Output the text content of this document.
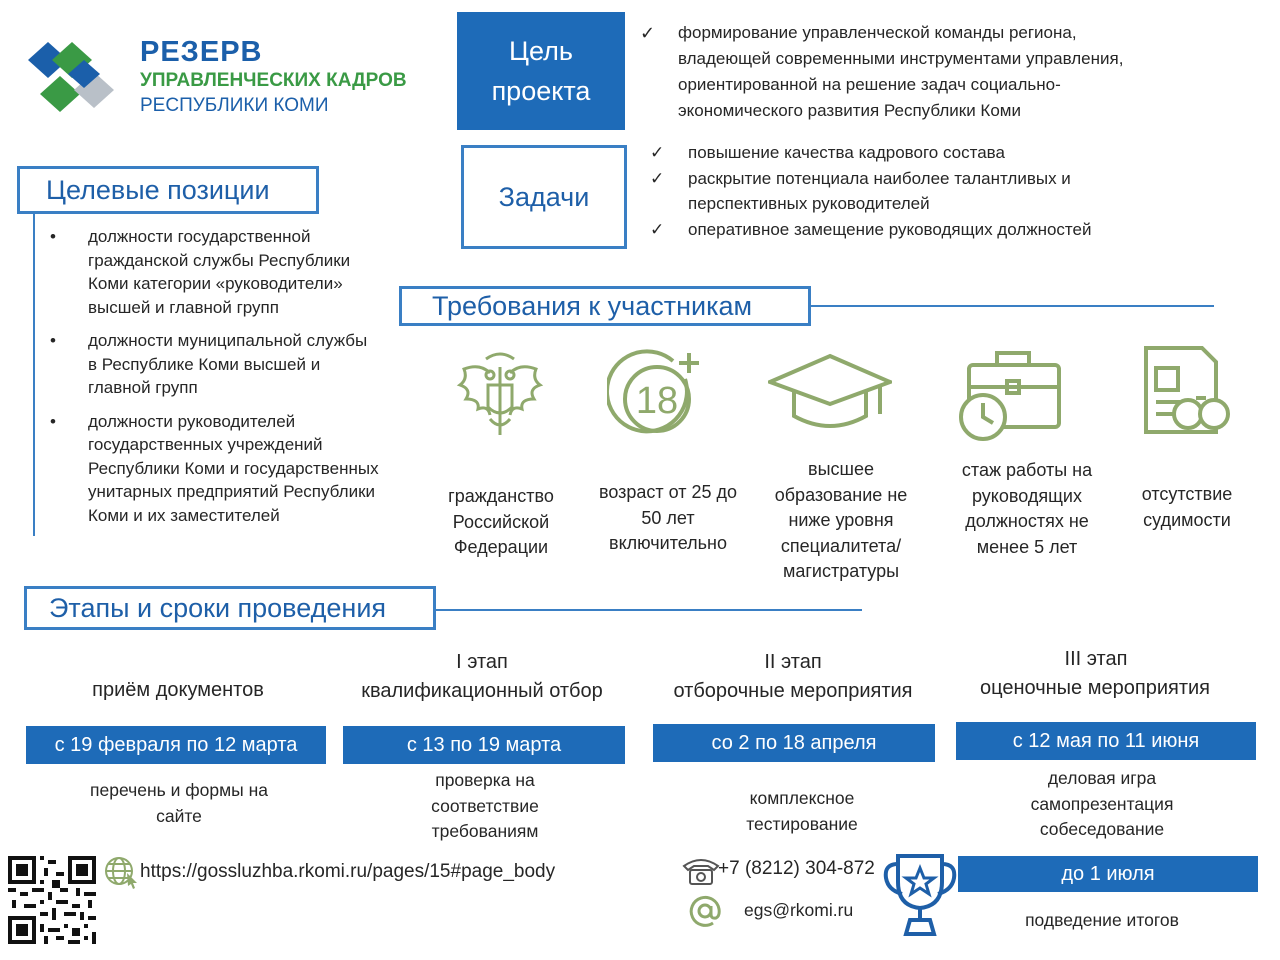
РЕЗЕРВ
УПРАВЛЕНЧЕСКИХ КАДРОВ
РЕСПУБЛИКИ КОМИ
Цель
проекта
✓ формирование управленческой команды региона,
владеющей современными инструментами управления,
ориентированной на решение задач социально-
экономического развития Республики Коми
Задачи
✓ повышение качества кадрового состава
✓ раскрытие потенциала наиболее талантливых и перспективных руководителей
✓ оперативное замещение руководящих должностей
Целевые позиции
• должности государственной гражданской службы Республики Коми категории «руководители» высшей и главной групп
• должности муниципальной службы в Республике Коми высшей и главной групп
• должности руководителей государственных учреждений Республики Коми и государственных унитарных предприятий Республики Коми и их заместителей
Требования к участникам
18
гражданство Российской Федерации
возраст от 25 до 50 лет включительно
высшее образование не ниже уровня специалитета/ магистратуры
стаж работы на руководящих должностях не менее 5 лет
отсутствие судимости
Этапы и сроки проведения
приём документов
с 19 февраля по 12 марта
перечень и формы на сайте
I этап
квалификационный отбор
с 13 по 19 марта
проверка на соответствие требованиям
II этап
отборочные мероприятия
со 2 по 18 апреля
комплексное тестирование
III этап
оценочные мероприятия
с 12 мая по 11 июня
деловая игра самопрезентация собеседование
до 1 июля
подведение итогов
https://gossluzhba.rkomi.ru/pages/15#page_body	+7 (8212) 304-872
egs@rkomi.ru
